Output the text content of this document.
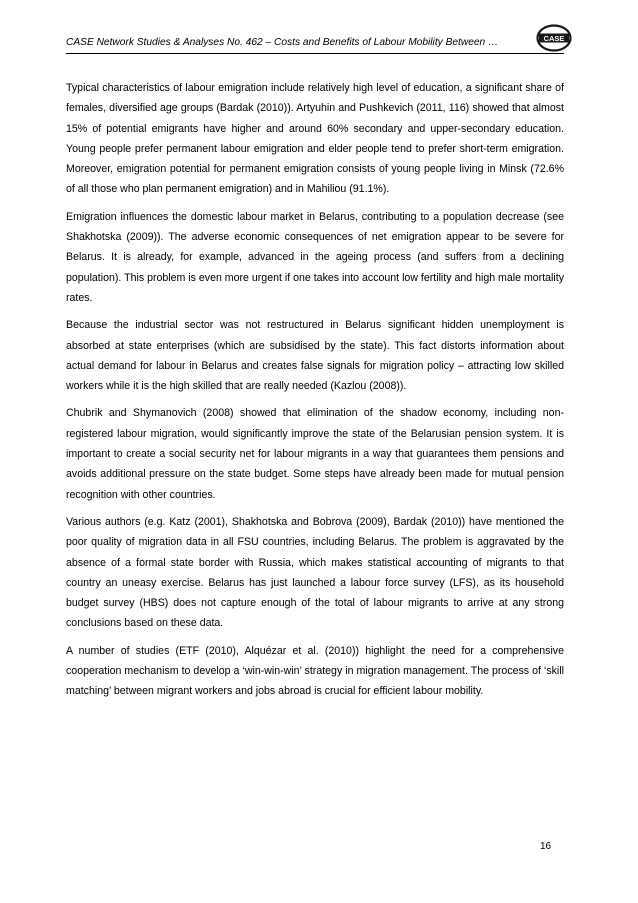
CASE Network Studies & Analyses No. 462 – Costs and Benefits of Labour Mobility Between …	CASE

Typical characteristics of labour emigration include relatively high level of education, a significant share of females, diversified age groups (Bardak (2010)). Artyuhin and Pushkevich (2011, 116) showed that almost 15% of potential emigrants have higher and around 60% secondary and upper-secondary education. Young people prefer permanent labour emigration and elder people tend to prefer short-term emigration. Moreover, emigration potential for permanent emigration consists of young people living in Minsk (72.6% of all those who plan permanent emigration) and in Mahiliou (91.1%).

Emigration influences the domestic labour market in Belarus, contributing to a population decrease (see Shakhotska (2009)). The adverse economic consequences of net emigration appear to be severe for Belarus. It is already, for example, advanced in the ageing process (and suffers from a declining population). This problem is even more urgent if one takes into account low fertility and high male mortality rates.

Because the industrial sector was not restructured in Belarus significant hidden unemployment is absorbed at state enterprises (which are subsidised by the state). This fact distorts information about actual demand for labour in Belarus and creates false signals for migration policy – attracting low skilled workers while it is the high skilled that are really needed (Kazlou (2008)).

Chubrik and Shymanovich (2008) showed that elimination of the shadow economy, including non-registered labour migration, would significantly improve the state of the Belarusian pension system. It is important to create a social security net for labour migrants in a way that guarantees them pensions and avoids additional pressure on the state budget. Some steps have already been made for mutual pension recognition with other countries.

Various authors (e.g. Katz (2001), Shakhotska and Bobrova (2009), Bardak (2010)) have mentioned the poor quality of migration data in all FSU countries, including Belarus. The problem is aggravated by the absence of a formal state border with Russia, which makes statistical accounting of migrants to that country an uneasy exercise. Belarus has just launched a labour force survey (LFS), as its household budget survey (HBS) does not capture enough of the total of labour migrants to arrive at any strong conclusions based on these data.

A number of studies (ETF (2010), Alquézar et al. (2010)) highlight the need for a comprehensive cooperation mechanism to develop a ‘win-win-win’ strategy in migration management. The process of ‘skill matching’ between migrant workers and jobs abroad is crucial for efficient labour mobility.

16
